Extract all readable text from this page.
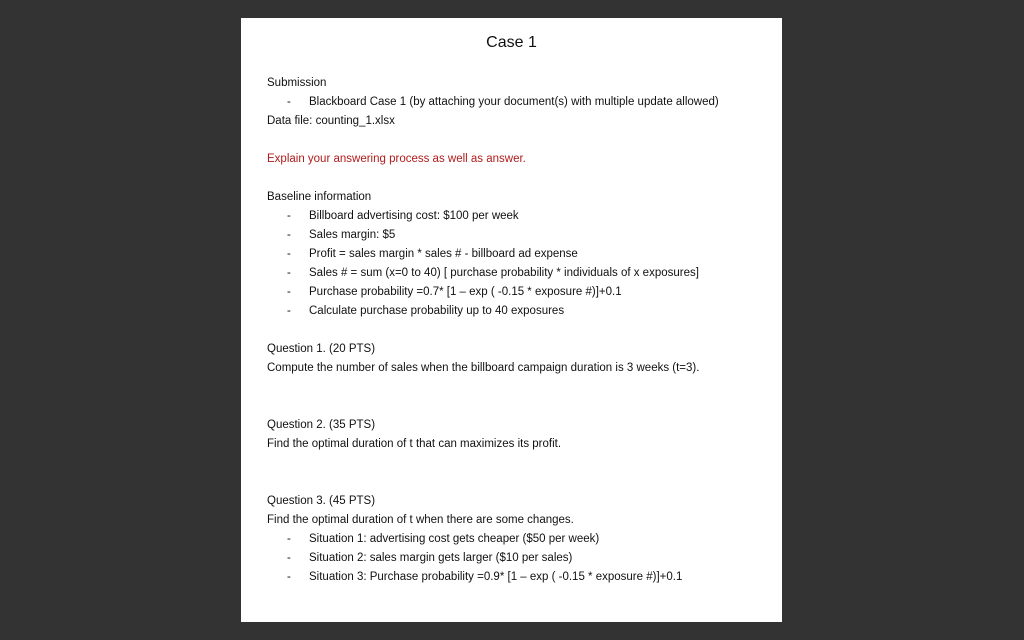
Case 1
Submission
- Blackboard Case 1 (by attaching your document(s) with multiple update allowed)
Data file: counting_1.xlsx
Explain your answering process as well as answer.
Baseline information
- Billboard advertising cost: $100 per week
- Sales margin: $5
- Profit = sales margin * sales # - billboard ad expense
- Sales # = sum (x=0 to 40) [ purchase probability * individuals of x exposures]
- Purchase probability =0.7* [1 – exp ( -0.15 * exposure #)]+0.1
- Calculate purchase probability up to 40 exposures
Question 1. (20 PTS)
Compute the number of sales when the billboard campaign duration is 3 weeks (t=3).
Question 2. (35 PTS)
Find the optimal duration of t that can maximizes its profit.
Question 3. (45 PTS)
Find the optimal duration of t when there are some changes.
- Situation 1: advertising cost gets cheaper ($50 per week)
- Situation 2: sales margin gets larger ($10 per sales)
- Situation 3: Purchase probability =0.9* [1 – exp ( -0.15 * exposure #)]+0.1
